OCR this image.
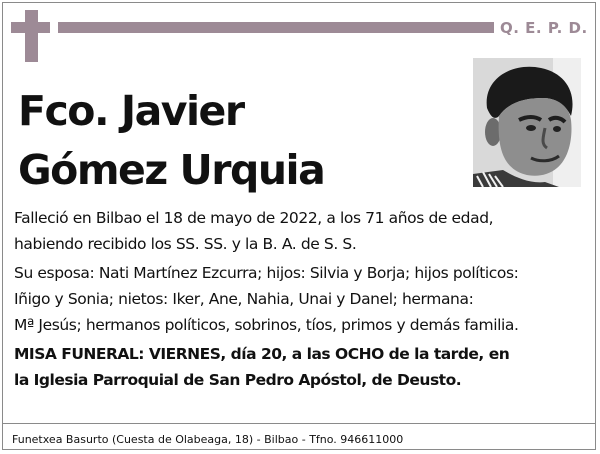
Q. E. P. D.
Fco. Javier
Gómez Urquia

Falleció en Bilbao el 18 de mayo de 2022, a los 71 años de edad,
habiendo recibido los SS. SS. y la B. A. de S. S.

Su esposa: Nati Martínez Ezcurra; hijos: Silvia y Borja; hijos políticos:
Iñigo y Sonia; nietos: Iker, Ane, Nahia, Unai y Danel; hermana:
Mª Jesús; hermanos políticos, sobrinos, tíos, primos y demás familia.

MISA FUNERAL: VIERNES, día 20, a las OCHO de la tarde, en
la Iglesia Parroquial de San Pedro Apóstol, de Deusto.

Funetxea Basurto (Cuesta de Olabeaga, 18) - Bilbao - Tfno. 946611000
